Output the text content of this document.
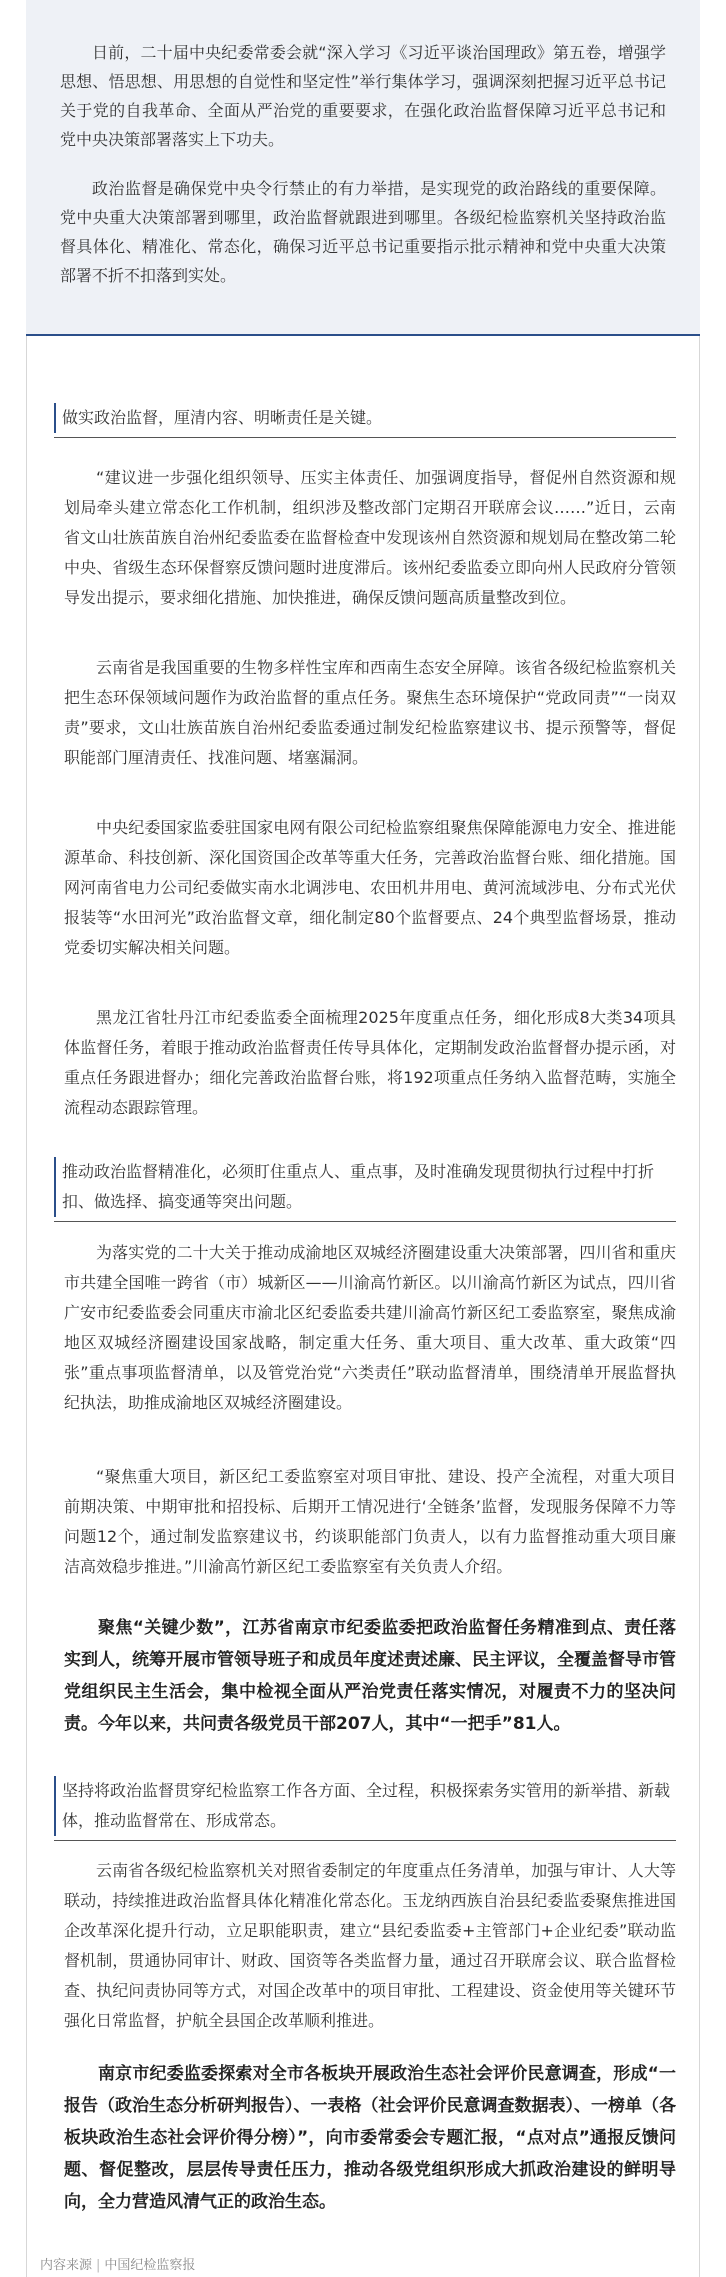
日前，二十届中央纪委常委会就“深入学习《习近平谈治国理政》第五卷，增强学思想、悟思想、用思想的自觉性和坚定性”举行集体学习，强调深刻把握习近平总书记关于党的自我革命、全面从严治党的重要要求，在强化政治监督保障习近平总书记和党中央决策部署落实上下功夫。

政治监督是确保党中央令行禁止的有力举措，是实现党的政治路线的重要保障。党中央重大决策部署到哪里，政治监督就跟进到哪里。各级纪检监察机关坚持政治监督具体化、精准化、常态化，确保习近平总书记重要指示批示精神和党中央重大决策部署不折不扣落到实处。

做实政治监督，厘清内容、明晰责任是关键。

“建议进一步强化组织领导、压实主体责任、加强调度指导，督促州自然资源和规划局牵头建立常态化工作机制，组织涉及整改部门定期召开联席会议……”近日，云南省文山壮族苗族自治州纪委监委在监督检查中发现该州自然资源和规划局在整改第二轮中央、省级生态环保督察反馈问题时进度滞后。该州纪委监委立即向州人民政府分管领导发出提示，要求细化措施、加快推进，确保反馈问题高质量整改到位。

云南省是我国重要的生物多样性宝库和西南生态安全屏障。该省各级纪检监察机关把生态环保领域问题作为政治监督的重点任务。聚焦生态环境保护“党政同责”“一岗双责”要求，文山壮族苗族自治州纪委监委通过制发纪检监察建议书、提示预警等，督促职能部门厘清责任、找准问题、堵塞漏洞。

中央纪委国家监委驻国家电网有限公司纪检监察组聚焦保障能源电力安全、推进能源革命、科技创新、深化国资国企改革等重大任务，完善政治监督台账、细化措施。国网河南省电力公司纪委做实南水北调涉电、农田机井用电、黄河流域涉电、分布式光伏报装等“水田河光”政治监督文章，细化制定80个监督要点、24个典型监督场景，推动党委切实解决相关问题。

黑龙江省牡丹江市纪委监委全面梳理2025年度重点任务，细化形成8大类34项具体监督任务，着眼于推动政治监督责任传导具体化，定期制发政治监督督办提示函，对重点任务跟进督办；细化完善政治监督台账，将192项重点任务纳入监督范畴，实施全流程动态跟踪管理。

推动政治监督精准化，必须盯住重点人、重点事，及时准确发现贯彻执行过程中打折扣、做选择、搞变通等突出问题。

为落实党的二十大关于推动成渝地区双城经济圈建设重大决策部署，四川省和重庆市共建全国唯一跨省（市）城新区——川渝高竹新区。以川渝高竹新区为试点，四川省广安市纪委监委会同重庆市渝北区纪委监委共建川渝高竹新区纪工委监察室，聚焦成渝地区双城经济圈建设国家战略，制定重大任务、重大项目、重大改革、重大政策“四张”重点事项监督清单，以及管党治党“六类责任”联动监督清单，围绕清单开展监督执纪执法，助推成渝地区双城经济圈建设。

“聚焦重大项目，新区纪工委监察室对项目审批、建设、投产全流程，对重大项目前期决策、中期审批和招投标、后期开工情况进行‘全链条’监督，发现服务保障不力等问题12个，通过制发监察建议书，约谈职能部门负责人，以有力监督推动重大项目廉洁高效稳步推进。”川渝高竹新区纪工委监察室有关负责人介绍。

聚焦“关键少数”，江苏省南京市纪委监委把政治监督任务精准到点、责任落实到人，统筹开展市管领导班子和成员年度述责述廉、民主评议，全覆盖督导市管党组织民主生活会，集中检视全面从严治党责任落实情况，对履责不力的坚决问责。今年以来，共问责各级党员干部207人，其中“一把手”81人。

坚持将政治监督贯穿纪检监察工作各方面、全过程，积极探索务实管用的新举措、新载体，推动监督常在、形成常态。

云南省各级纪检监察机关对照省委制定的年度重点任务清单，加强与审计、人大等联动，持续推进政治监督具体化精准化常态化。玉龙纳西族自治县纪委监委聚焦推进国企改革深化提升行动，立足职能职责，建立“县纪委监委+主管部门+企业纪委”联动监督机制，贯通协同审计、财政、国资等各类监督力量，通过召开联席会议、联合监督检查、执纪问责协同等方式，对国企改革中的项目审批、工程建设、资金使用等关键环节强化日常监督，护航全县国企改革顺利推进。

南京市纪委监委探索对全市各板块开展政治生态社会评价民意调查，形成“一报告（政治生态分析研判报告）、一表格（社会评价民意调查数据表）、一榜单（各板块政治生态社会评价得分榜）”，向市委常委会专题汇报，“点对点”通报反馈问题、督促整改，层层传导责任压力，推动各级党组织形成大抓政治建设的鲜明导向，全力营造风清气正的政治生态。

内容来源 | 中国纪检监察报
